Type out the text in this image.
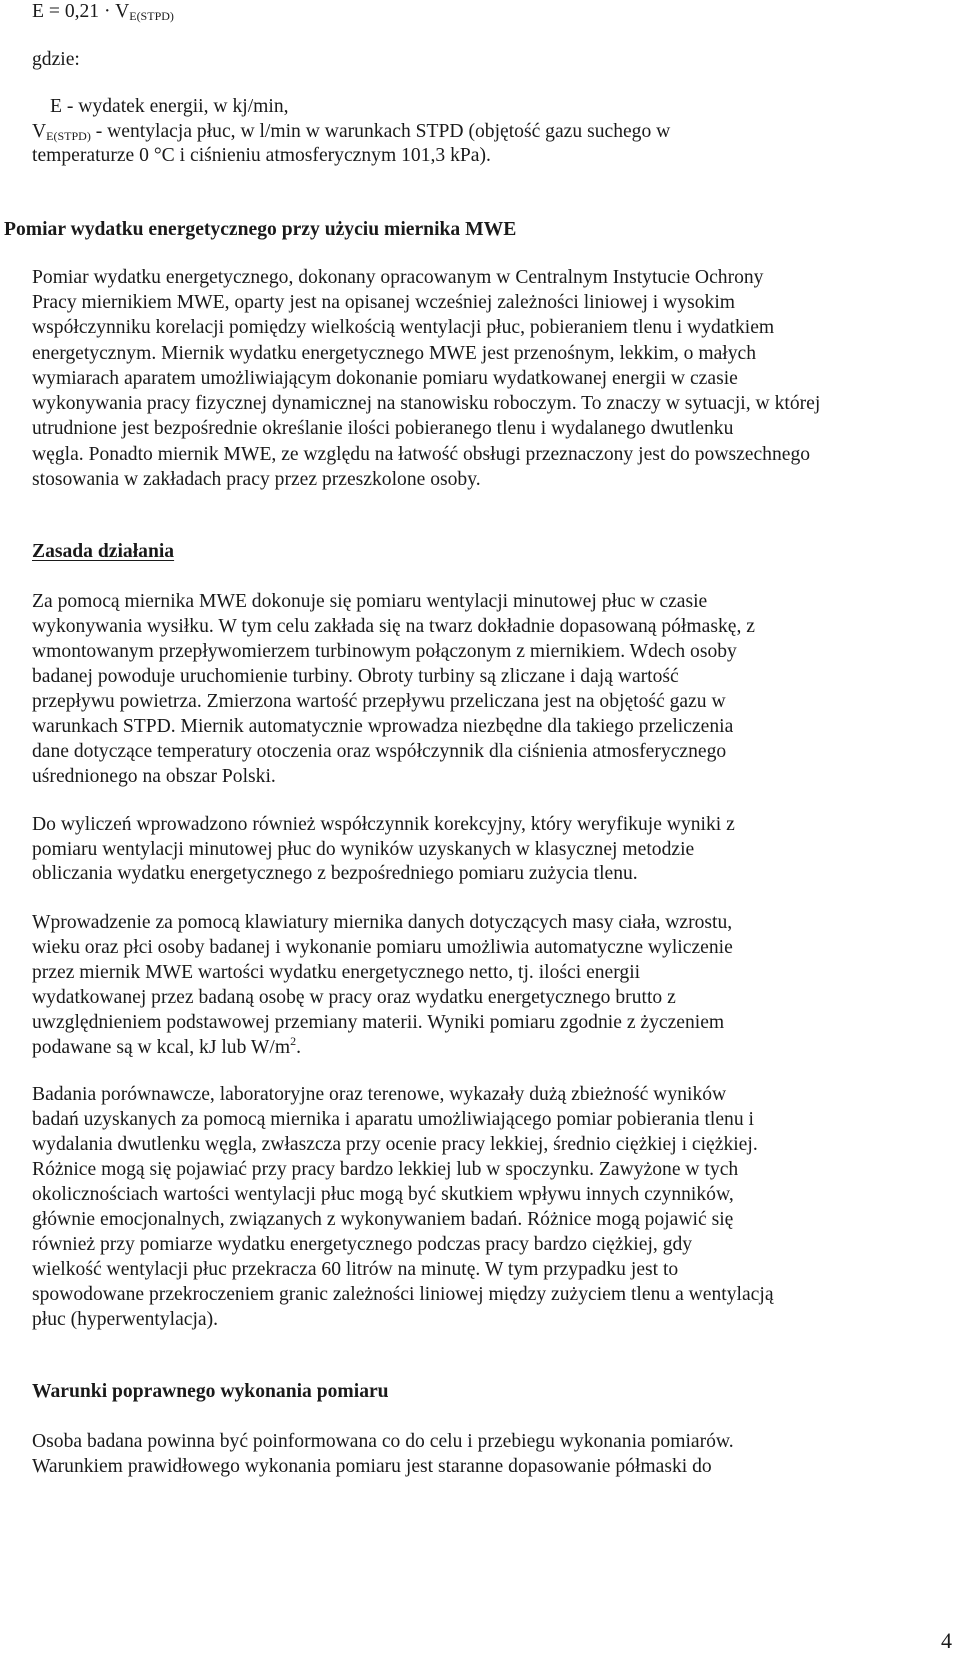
$E = 0,21 \cdot V_{E(STPD)}$
gdzie:
E - wydatek energii, w kj/min,
$V_{E(STPD)}$ - wentylacja płuc, w l/min w warunkach STPD (objętość gazu suchego w
temperaturze 0 °C i ciśnieniu atmosferycznym 101,3 kPa).
Pomiar wydatku energetycznego przy użyciu miernika MWE
Pomiar wydatku energetycznego, dokonany opracowanym w Centralnym Instytucie Ochrony
Pracy miernikiem MWE, oparty jest na opisanej wcześniej zależności liniowej i wysokim
współczynniku korelacji pomiędzy wielkością wentylacji płuc, pobieraniem tlenu i wydatkiem
energetycznym. Miernik wydatku energetycznego MWE jest przenośnym, lekkim, o małych
wymiarach aparatem umożliwiającym dokonanie pomiaru wydatkowanej energii w czasie
wykonywania pracy fizycznej dynamicznej na stanowisku roboczym. To znaczy w sytuacji, w której
utrudnione jest bezpośrednie określanie ilości pobieranego tlenu i wydalanego dwutlenku
węgla. Ponadto miernik MWE, ze względu na łatwość obsługi przeznaczony jest do powszechnego
stosowania w zakładach pracy przez przeszkolone osoby.
Zasada działania
Za pomocą miernika MWE dokonuje się pomiaru wentylacji minutowej płuc w czasie
wykonywania wysiłku. W tym celu zakłada się na twarz dokładnie dopasowaną półmaskę, z
wmontowanym przepływomierzem turbinowym połączonym z miernikiem. Wdech osoby
badanej powoduje uruchomienie turbiny. Obroty turbiny są zliczane i dają wartość
przepływu powietrza. Zmierzona wartość przepływu przeliczana jest na objętość gazu w
warunkach STPD. Miernik automatycznie wprowadza niezbędne dla takiego przeliczenia
dane dotyczące temperatury otoczenia oraz współczynnik dla ciśnienia atmosferycznego
uśrednionego na obszar Polski.
Do wyliczeń wprowadzono również współczynnik korekcyjny, który weryfikuje wyniki z
pomiaru wentylacji minutowej płuc do wyników uzyskanych w klasycznej metodzie
obliczania wydatku energetycznego z bezpośredniego pomiaru zużycia tlenu.
Wprowadzenie za pomocą klawiatury miernika danych dotyczących masy ciała, wzrostu,
wieku oraz płci osoby badanej i wykonanie pomiaru umożliwia automatyczne wyliczenie
przez miernik MWE wartości wydatku energetycznego netto, tj. ilości energii
wydatkowanej przez badaną osobę w pracy oraz wydatku energetycznego brutto z
uwzględnieniem podstawowej przemiany materii. Wyniki pomiaru zgodnie z życzeniem
podawane są w kcal, kJ lub $W/m^2$.
Badania porównawcze, laboratoryjne oraz terenowe, wykazały dużą zbieżność wyników
badań uzyskanych za pomocą miernika i aparatu umożliwiającego pomiar pobierania tlenu i
wydalania dwutlenku węgla, zwłaszcza przy ocenie pracy lekkiej, średnio ciężkiej i ciężkiej.
Różnice mogą się pojawiać przy pracy bardzo lekkiej lub w spoczynku. Zawyżone w tych
okolicznościach wartości wentylacji płuc mogą być skutkiem wpływu innych czynników,
głównie emocjonalnych, związanych z wykonywaniem badań. Różnice mogą pojawić się
również przy pomiarze wydatku energetycznego podczas pracy bardzo ciężkiej, gdy
wielkość wentylacji płuc przekracza 60 litrów na minutę. W tym przypadku jest to
spowodowane przekroczeniem granic zależności liniowej między zużyciem tlenu a wentylacją
płuc (hyperwentylacja).
Warunki poprawnego wykonania pomiaru
Osoba badana powinna być poinformowana co do celu i przebiegu wykonania pomiarów.
Warunkiem prawidłowego wykonania pomiaru jest staranne dopasowanie półmaski do
4
